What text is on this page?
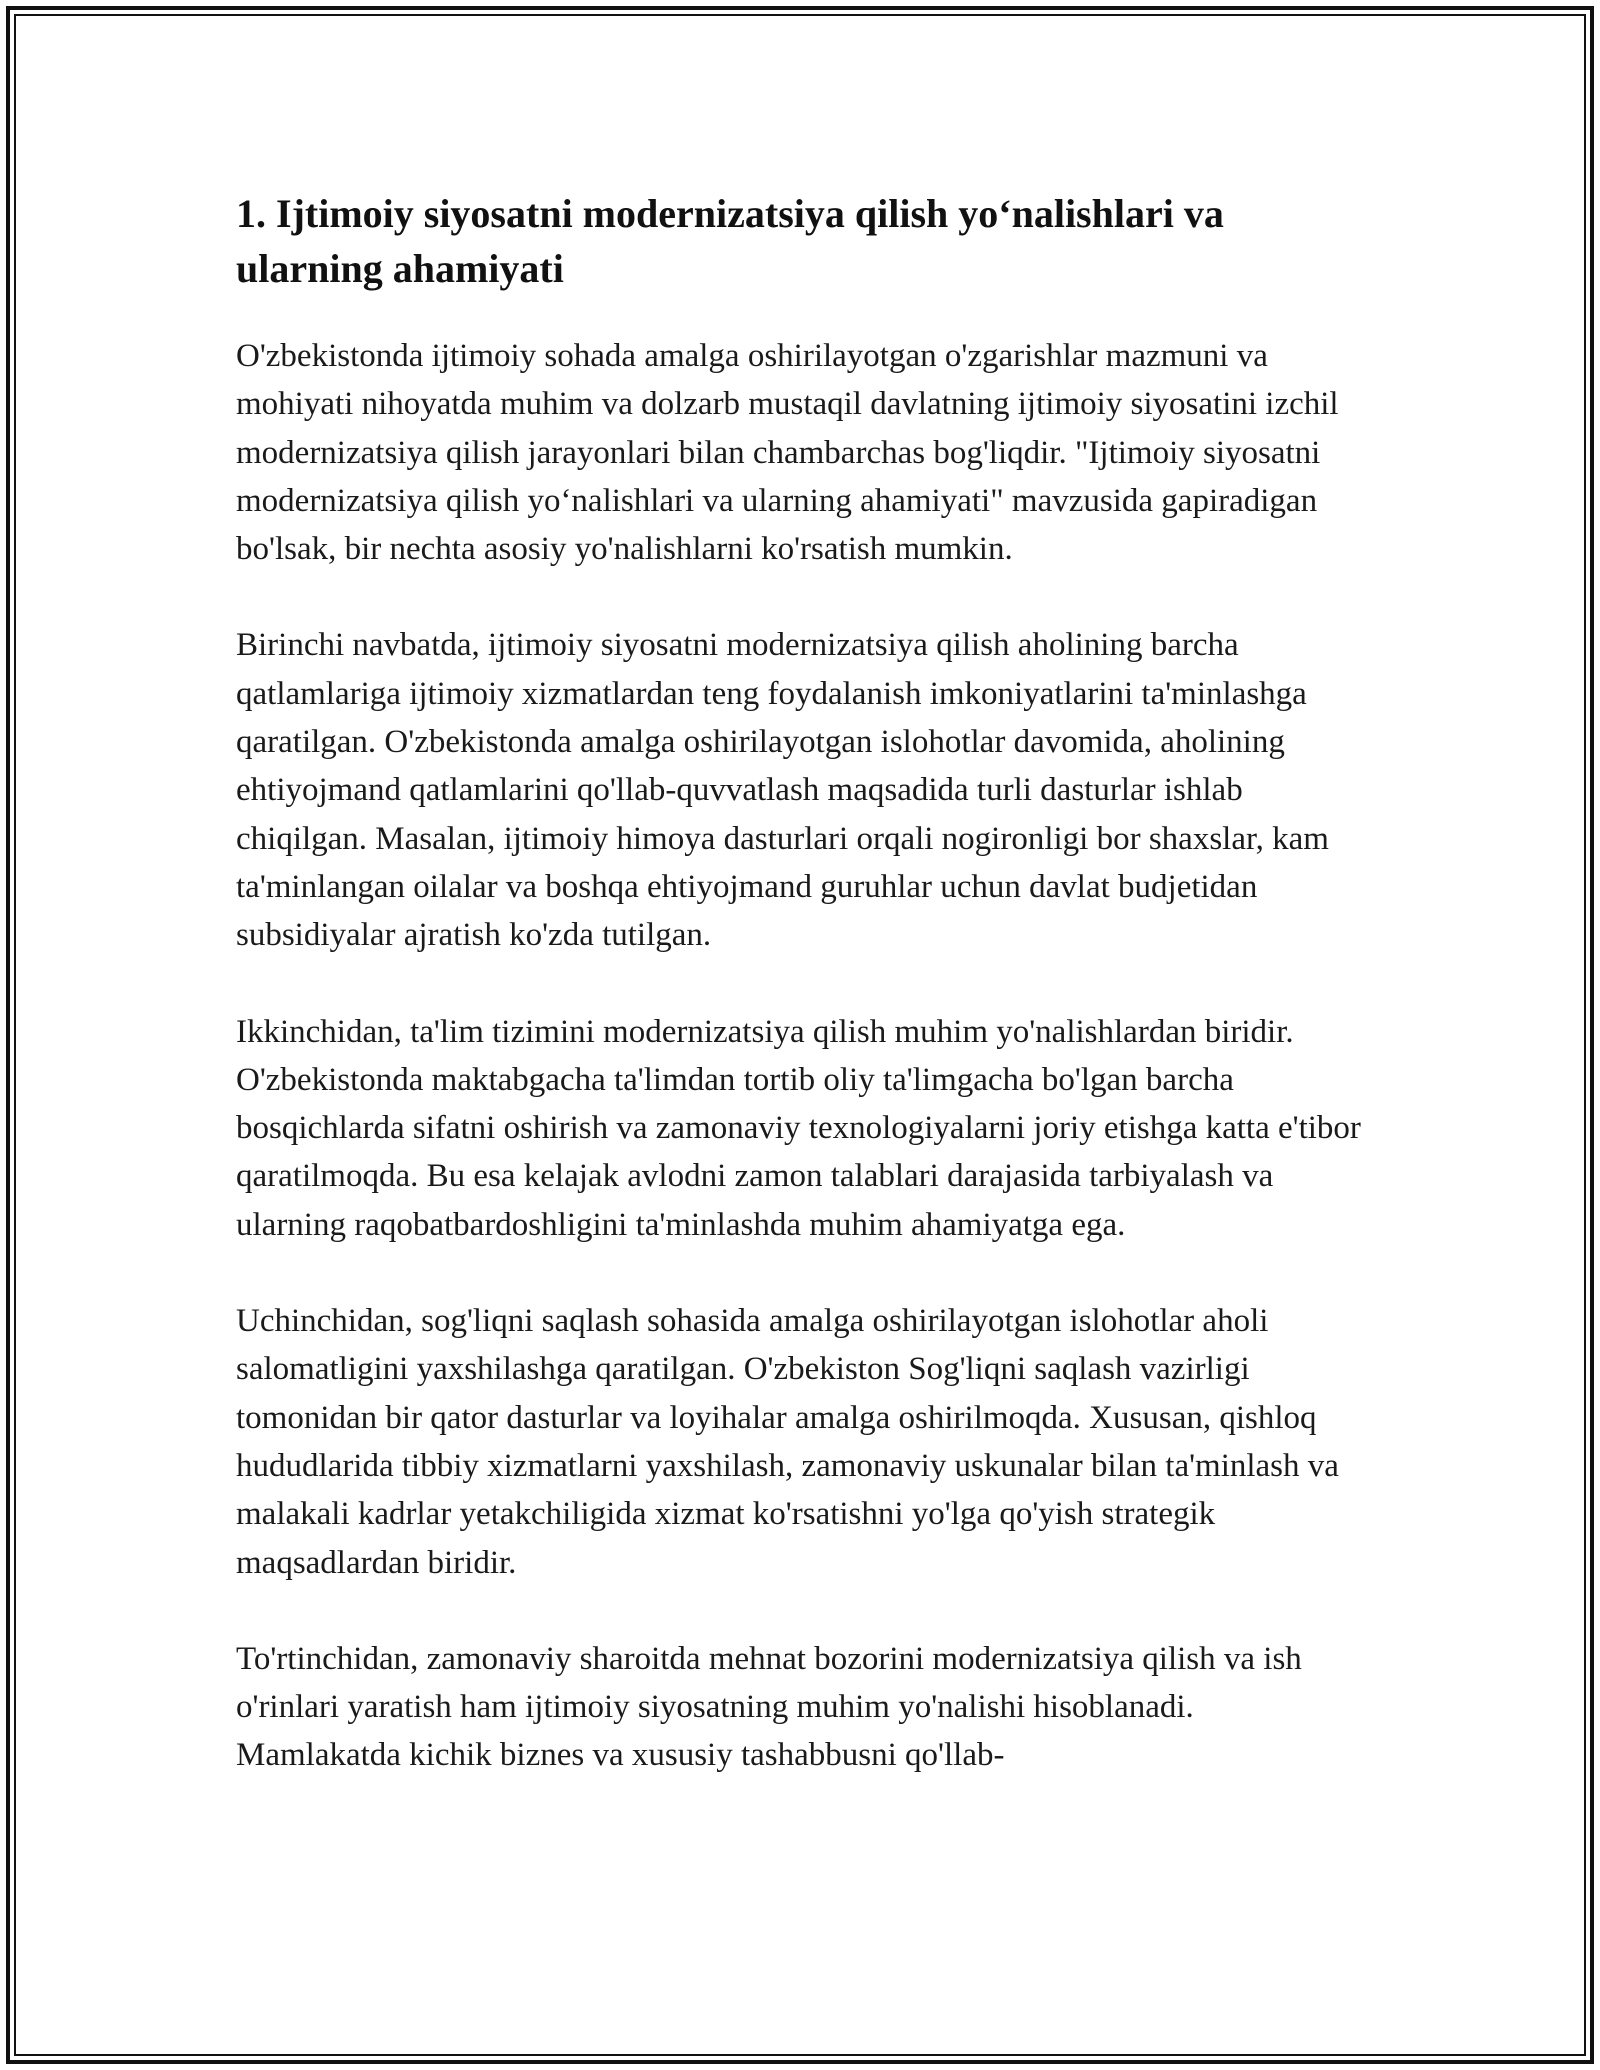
1. Ijtimoiy siyosatni modernizatsiya qilish yo‘nalishlari va ularning ahamiyati

O'zbekistonda ijtimoiy sohada amalga oshirilayotgan o'zgarishlar mazmuni va mohiyati nihoyatda muhim va dolzarb mustaqil davlatning ijtimoiy siyosatini izchil modernizatsiya qilish jarayonlari bilan chambarchas bog'liqdir. "Ijtimoiy siyosatni modernizatsiya qilish yo‘nalishlari va ularning ahamiyati" mavzusida gapiradigan bo'lsak, bir nechta asosiy yo'nalishlarni ko'rsatish mumkin.

Birinchi navbatda, ijtimoiy siyosatni modernizatsiya qilish aholining barcha qatlamlariga ijtimoiy xizmatlardan teng foydalanish imkoniyatlarini ta'minlashga qaratilgan. O'zbekistonda amalga oshirilayotgan islohotlar davomida, aholining ehtiyojmand qatlamlarini qo'llab-quvvatlash maqsadida turli dasturlar ishlab chiqilgan. Masalan, ijtimoiy himoya dasturlari orqali nogironligi bor shaxslar, kam ta'minlangan oilalar va boshqa ehtiyojmand guruhlar uchun davlat budjetidan subsidiyalar ajratish ko'zda tutilgan.

Ikkinchidan, ta'lim tizimini modernizatsiya qilish muhim yo'nalishlardan biridir. O'zbekistonda maktabgacha ta'limdan tortib oliy ta'limgacha bo'lgan barcha bosqichlarda sifatni oshirish va zamonaviy texnologiyalarni joriy etishga katta e'tibor qaratilmoqda. Bu esa kelajak avlodni zamon talablari darajasida tarbiyalash va ularning raqobatbardoshligini ta'minlashda muhim ahamiyatga ega.

Uchinchidan, sog'liqni saqlash sohasida amalga oshirilayotgan islohotlar aholi salomatligini yaxshilashga qaratilgan. O'zbekiston Sog'liqni saqlash vazirligi tomonidan bir qator dasturlar va loyihalar amalga oshirilmoqda. Xususan, qishloq hududlarida tibbiy xizmatlarni yaxshilash, zamonaviy uskunalar bilan ta'minlash va malakali kadrlar yetakchiligida xizmat ko'rsatishni yo'lga qo'yish strategik maqsadlardan biridir.

To'rtinchidan, zamonaviy sharoitda mehnat bozorini modernizatsiya qilish va ish o'rinlari yaratish ham ijtimoiy siyosatning muhim yo'nalishi hisoblanadi. Mamlakatda kichik biznes va xususiy tashabbusni qo'llab-
